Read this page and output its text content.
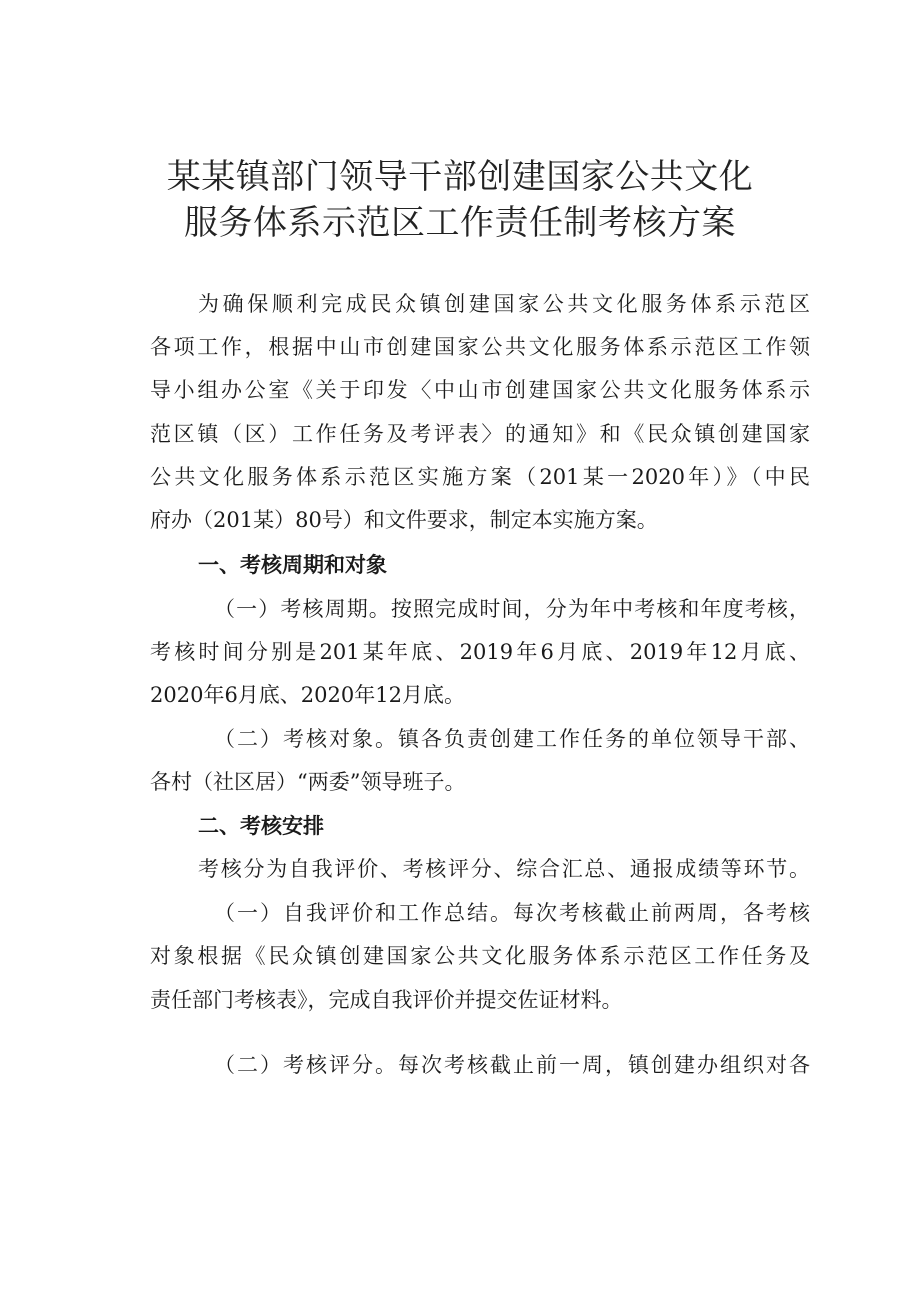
某某镇部门领导干部创建国家公共文化
服务体系示范区工作责任制考核方案
为确保顺利完成民众镇创建国家公共文化服务体系示范区
各项工作，根据中山市创建国家公共文化服务体系示范区工作领
导小组办公室《关于印发〈中山市创建国家公共文化服务体系示
范区镇（区）工作任务及考评表〉的通知》和《民众镇创建国家
公共文化服务体系示范区实施方案（201某一2020年）》（中民
府办（201某）80号）和文件要求，制定本实施方案。
一、考核周期和对象
（一）考核周期。按照完成时间，分为年中考核和年度考核，
考核时间分别是201某年底、2019年6月底、2019年12月底、
2020年6月底、2020年12月底。
（二）考核对象。镇各负责创建工作任务的单位领导干部、
各村（社区居）“两委”领导班子。
二、考核安排
考核分为自我评价、考核评分、综合汇总、通报成绩等环节。
（一）自我评价和工作总结。每次考核截止前两周，各考核
对象根据《民众镇创建国家公共文化服务体系示范区工作任务及
责任部门考核表》，完成自我评价并提交佐证材料。
（二）考核评分。每次考核截止前一周，镇创建办组织对各
